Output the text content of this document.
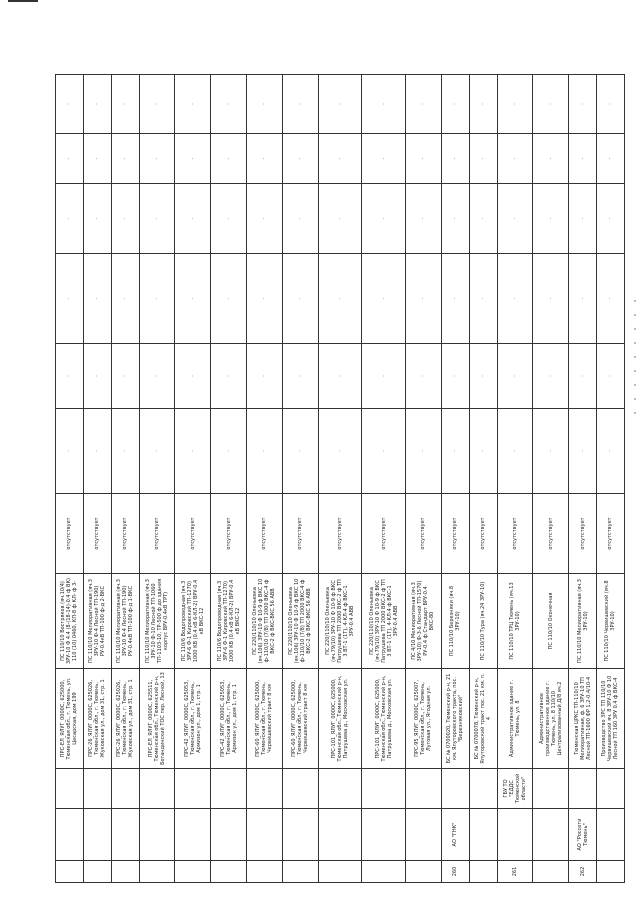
			ПРС-ЕЛ_ЯЛУГ_0000С, 625000, Тюменская обл., г. Тюмень, ул. Цесарская, дом 199	ПС 110/10 Востряков (яч.10/4) 3РУ-10 Ф 4.4 (8-(18-14)-0.4 ф ВК) 110 (10) 0460, КП-8 ф КЛ- ф 3-	отсутствует	-	-	-	-	-	-
			ПРС-26_ЯЛУГ_0000С, 625026, Тюменская обл., г. Тюмень, Жуковская ул., дом 31, стр. 1	ПС 110/10 Мелиоративная (яч.3 3РУ-10 Ф-4 Лесной ТП-190) РУ-0.4кВ ТП-100 ф-д 2-ВКС	отсутствует	-	-	-	-	-	-
			ПРС-26_ЯЛУГ_0000С, 625026, Тюменская обл., г. Тюмень, Жуковская ул., дом 31, стр. 1	ПС 110/10 Мелиоративная (яч.3 3РУ-10 Ф-4 Лесной ТП-190) РУ-0.4кВ ТП-100 ф-д 1-ВКС	отсутствует	-	-	-	-	-	-
			ПРС-ЕЛ_ЯЛУГ_0000С, 625511, Тюменская обл., Тюменский р-н, Богандинский ТОС пер. Лесной, 13	ПС 110/10 Мелиоративная (яч.3 3РУ-10 Ф-10 Лесной ТП-1060 ТП-1103-10, ТР-500 ф до здания корпус ВРУ-0.4кВ ТРТ)	отсутствует	-	-	-	-	-	-
			ПРС-42_ЯЛУГ_0000С, 625053, Тюменская обл., г. Тюмень, Армизон ул., дом 1, стр. 1	ПС 110/6 Водопроводная (яч.3 3РУ-6 Ф-1 Кировский ТП-1270) 1000 КВ (0.4 кВ 6-КЛ-2) ВРУ-0.4 кВ ВКС-12	отсутствует	-	-	-	-	-	-
			ПРС-42_ЯЛУГ_0000С, 625053, Тюменская обл., г. Тюмень, Армизон ул., дом 1, стр. 1	ПС 110/6 Водопроводная (яч.3 3РУ-6 Ф-1 Кировский ТП-1270) 1000 КВ (0.4 кВ 6-КЛ-2) ВРУ-0.4 кВ ВКС-12	отсутствует	-	-	-	-	-	-
			ПРС-60_ЯЛУГ_0000С, 625000, Тюменская обл., г. Тюмень, Червишевский тракт 8 км	ПС 220/110/10 Оленьевка (яч.106) ЗРУ-10 Ф 10-9 ф ВКС 10 ф-110/10 (7/8) ТП 2000 ВКС-4 ф ВКС-2 ф ВКС-ВКС 56 АВВ	отсутствует	-	-	-	-	-	-
			ПРС-60_ЯЛУГ_0000С, 625000, Тюменская обл., г. Тюмень, Червишевский тракт 8 км	ПС 220/110/10 Оленьевка (яч.106) ЗРУ-10 Ф 10-9 ф ВКС 10 ф-110/10 (7/8) ТП 2000 ВКС-4 ф ВКС-2 ф ВКС-ВКС 56 АВВ	отсутствует	-	-	-	-	-	-
			ПРС-101_ЯЛУГ_0000С, 625000, Тюменская обл., Тюменский р-н, Патрушева д., Московская ул.	ПС 220/110/10 Оленьевка (яч.79/10) ЗРУ-10 Ф 10-9 ф ВКС Патрушева ТП 2000 ВКС-2 ф ТП 3 ВТ-1 (1Т), 4-КЛ-4 ф ВКС-1 ЗРУ-0.4 АВВ	отсутствует	-	-	-	-	-	-
			ПРС-101_ЯЛУГ_0000С, 625000, Тюменская обл., Тюменский р-н, Патрушева д., Московская ул.	ПС 220/110/10 Оленьевка (яч.79/10) ЗРУ-10 Ф 10-9 ф ВКС Патрушева ТП 2000 ВКС-2 ф ТП 3 ВТ-1 (1Т), 4-КЛ-4 ф ВКС-1 ЗРУ-0.4 АВВ	отсутствует	-	-	-	-	-	-
			ПРС-95_ЯЛУГ_0000С, 625007, Тюменская обл., г. Тюмень, Луговая ул., Ягодная ул.	ПС 4/10 Мелиоративная (яч.3 ЗРУ-10) Ф-3-6 Лесной ТП-1570) РУ-0.4 ф Стандарт ВРУ-0.4 ВКС-80	отсутствует	-	-	-	-	-	-
260	АО "ГНК"		БС № 0700020, Тюменский р-н, 21 км. Ялуторовского тракта, пос. "Березняковский"	ПС 110/10 Березняки (яч.8 ЗРУ-10)	отсутствует	-	-	-	-	-	-
			БС № 0700078, Тюменский р-н, Ялуторовский тракт пос. 21 км. п. 4	ПС 110/10 Тура (яч.24 ЗРУ-10)	отсутствует	-	-	-	-	-	-
261		ГБУ ТО "ЕДДС Тюменской области"	Административное здание г. Тюмень, ул. 8	ПС 110/10 ТРЦ Тюмень (яч.13 ЗРУ-10)	отсутствует	-	-	-	-	-	-
			Административное производственное здание г. Тюмень, ул. 8 110/10 Централизованный Д/8 яч.2	ПС 110/10 Оконечная	отсутствует	-	-	-	-	-	-
262	АО "Россети Тюмень"		Тюменская ЦРКС ТП-110/10 Мелиоративная, ф. 6 ЗРУ-10 ТП Лесной ТП-1600 ФР 1,2-0.4/10-4	ПС 110/10 Мелиоративная (яч.3 ЗРУ-10)	отсутствует	-	-	-	-	-	-
			Производство ЗРС ТП 110/10 Червишевский яч. 8 ЗРУ-10 Ф 10 Лесной ТП 160 ЗРУ 0.4 ф ВКС-4	ПС 110/10 Червишевский (яч.8 ЗРУ-10)	отсутствует	-	-	-	-	-	-
